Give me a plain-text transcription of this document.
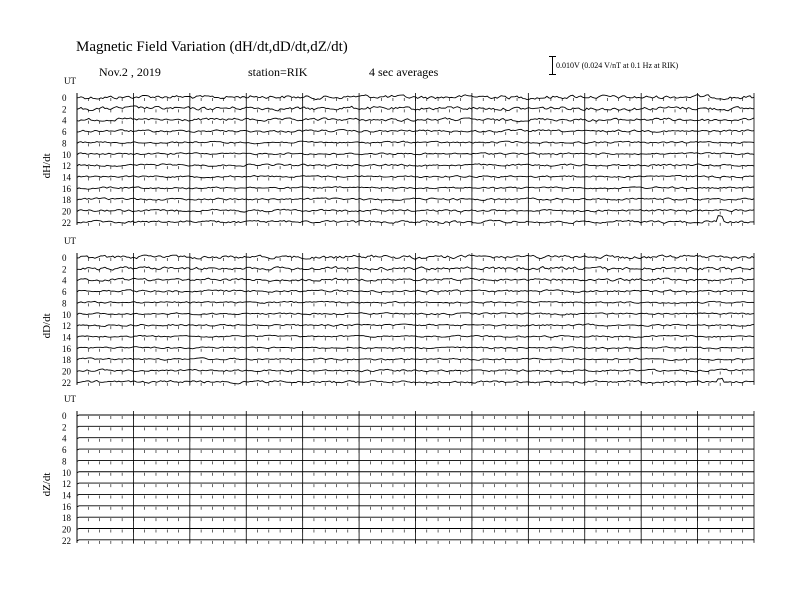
Magnetic Field Variation (dH/dt,dD/dt,dZ/dt)
Nov.2 , 2019	station=RIK	4 sec averages	0.010V (0.024 V/nT at 0.1 Hz at RIK)
UT
dH/dt
0
2
4
6
8
10
12
14
16
18
20
22
UT
dD/dt
0
2
4
6
8
10
12
14
16
18
20
22
UT
dZ/dt
0
2
4
6
8
10
12
14
16
18
20
22
